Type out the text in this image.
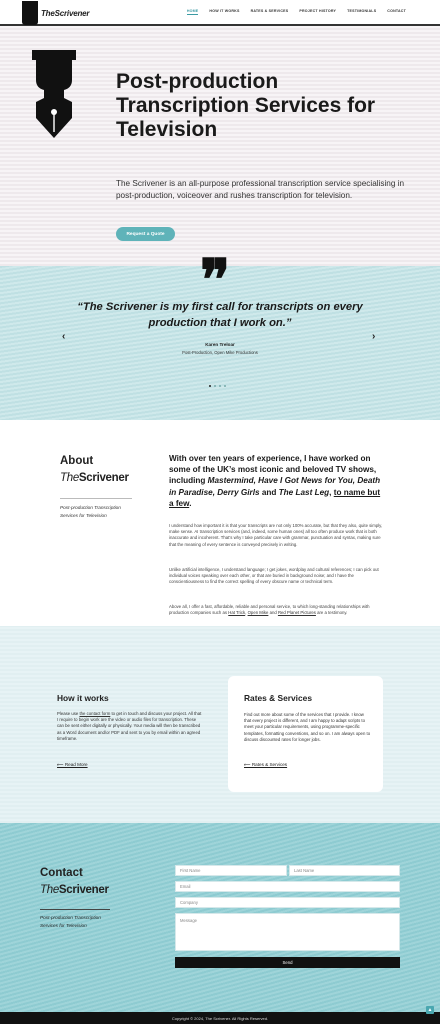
TheScrivener	HOME	HOW IT WORKS	RATES & SERVICES	PROJECT HISTORY	TESTIMONIALS	CONTACT
Post-production Transcription Services for Television
The Scrivener is an all-purpose professional transcription service specialising in post-production, voiceover and rushes transcription for television.
Request a Quote
❞
“The Scrivener is my first call for transcripts on every production that I work on.”
Karen Treloar
Post-Production, Open Mike Productions
‹	›
About
TheScrivener
Post-production Transcription Services for Television
With over ten years of experience, I have worked on some of the UK’s most iconic and beloved TV shows, including Mastermind, Have I Got News for You, Death in Paradise, Derry Girls and The Last Leg, to name but a few.
I understand how important it is that your transcripts are not only 100% accurate, but that they also, quite simply, make sense. AI transcription services (and, indeed, some human ones) all too often produce work that is both inaccurate and incoherent. That’s why I take particular care with grammar, punctuation and syntax, making sure that the meaning of every sentence is conveyed precisely in writing.
Unlike artificial intelligence, I understand language; I get jokes, wordplay and cultural references; I can pick out individual voices speaking over each other, or that are buried in background noise; and I have the conscientiousness to find the correct spelling of every obscure name or technical term.
Above all, I offer a fast, affordable, reliable and personal service, to which long-standing relationships with production companies such as Hat Trick, Open Mike and Red Planet Pictures are a testimony.
How it works
Please use the contact form to get in touch and discuss your project. All that I require to begin work are the video or audio files for transcription. These can be sent either digitally or physically. Your media will then be transcribed as a Word document and/or PDF and sent to you by email within an agreed timeframe.
⟵ Read More
Rates & Services
Find out more about some of the services that I provide. I know that every project is different, and I am happy to adapt scripts to meet your particular requirements, using programme-specific templates, formatting conventions, and so on. I am always open to discuss discounted rates for longer jobs.
⟵ Rates & Services
Contact
TheScrivener
Post-production Transcription Services for Television
First Name	Last Name
Email
Company
Message
Send
Copyright © 2024, The Scrivener. All Rights Reserved.
▲
